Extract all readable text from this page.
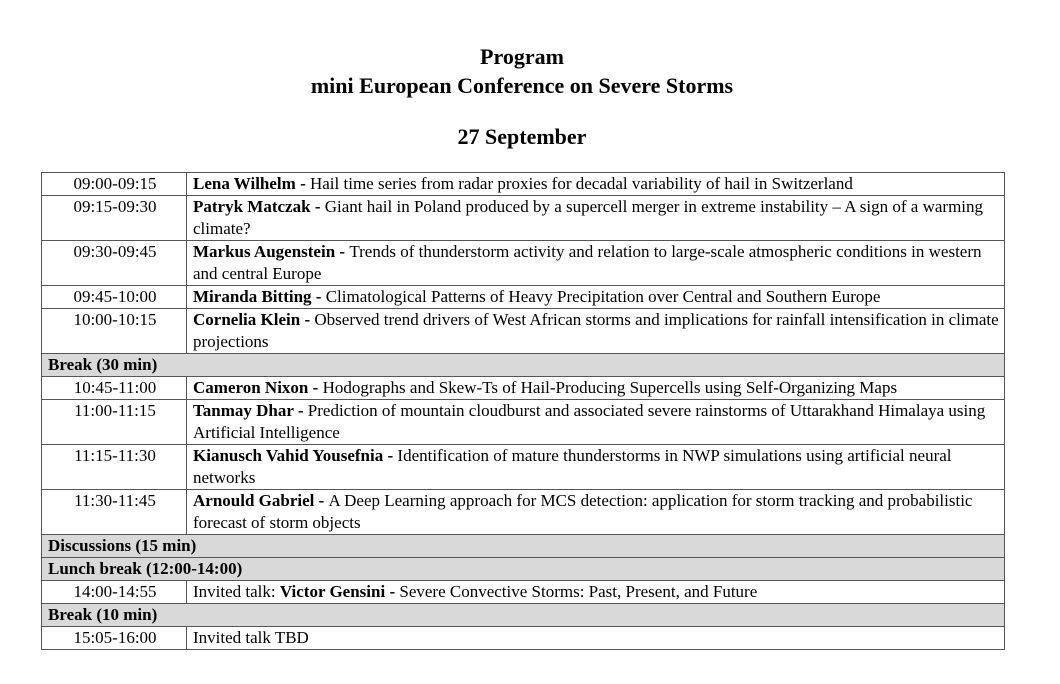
Program
mini European Conference on Severe Storms
27 September
09:00-09:15	Lena Wilhelm - Hail time series from radar proxies for decadal variability of hail in Switzerland
09:15-09:30	Patryk Matczak - Giant hail in Poland produced by a supercell merger in extreme instability – A sign of a warming climate?
09:30-09:45	Markus Augenstein - Trends of thunderstorm activity and relation to large-scale atmospheric conditions in western and central Europe
09:45-10:00	Miranda Bitting - Climatological Patterns of Heavy Precipitation over Central and Southern Europe
10:00-10:15	Cornelia Klein - Observed trend drivers of West African storms and implications for rainfall intensification in climate projections
Break (30 min)	
10:45-11:00	Cameron Nixon - Hodographs and Skew-Ts of Hail-Producing Supercells using Self-Organizing Maps
11:00-11:15	Tanmay Dhar - Prediction of mountain cloudburst and associated severe rainstorms of Uttarakhand Himalaya using Artificial Intelligence
11:15-11:30	Kianusch Vahid Yousefnia - Identification of mature thunderstorms in NWP simulations using artificial neural networks
11:30-11:45	Arnould Gabriel - A Deep Learning approach for MCS detection: application for storm tracking and probabilistic forecast of storm objects
Discussions (15 min)	
Lunch break (12:00-14:00)	
14:00-14:55	Invited talk: Victor Gensini - Severe Convective Storms: Past, Present, and Future
Break (10 min)	
15:05-16:00	Invited talk TBD
